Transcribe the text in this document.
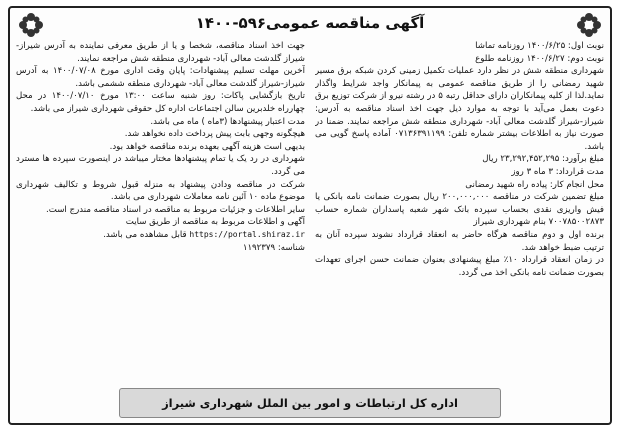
آگهی مناقصه عمومی۵۹۶-۱۴۰۰

نوبت اول: ۱۴۰۰/۶/۲۵ روزنامه تماشا

نوبت دوم: ۱۴۰۰/۶/۲۷ روزنامه طلوع

شهرداری منطقه شش در نظر دارد عملیات تکمیل زمینی کردن شبکه برق مسیر شهید رمضانی را از طریق مناقصه عمومی به پیمانکار واجد شرایط واگذار نماید.لذا از کلیه پیمانکاران دارای حداقل رتبه ۵ در رشته نیرو از شرکت توزیع برق دعوت بعمل می‌آید با توجه به موارد ذیل جهت اخذ اسناد مناقصه به آدرس: شیراز-شیراز گلدشت معالی آباد- شهرداری منطقه شش مراجعه نمایند. ضمنا در صورت نیاز به اطلاعات بیشتر شماره تلفن: ۰۷۱۳۶۳۹۱۱۹۹ آماده پاسخ گویی می باشد.

مبلغ برآورد: ۲۳,۲۹۲,۴۵۲,۲۹۵ ریال

مدت قرارداد: ۳ ماه ۳ روز

محل انجام کار: پیاده راه شهید رمضانی

مبلغ تضمین شرکت در مناقصه ۲۰۰,۰۰۰,۰۰۰ ریال بصورت ضمانت نامه بانکی یا فیش واریزی نقدی بحساب سپرده بانک شهر شعبه پاسداران شماره حساب ۷۰۰۷۸۵۰۰۲۸۷۳ بنام شهرداری شیراز

برنده اول و دوم مناقصه هرگاه حاضر به انعقاد قرارداد نشوند سپرده آنان به ترتیب ضبط خواهد شد.

در زمان انعقاد قرارداد ۱۰٪ مبلغ پیشنهادی بعنوان ضمانت حسن اجرای تعهدات بصورت ضمانت نامه بانکی اخذ می گردد.

جهت اخذ اسناد مناقصه، شخصا و یا از طریق معرفی نماینده به آدرس شیراز-شیراز گلدشت معالی آباد- شهرداری منطقه شش مراجعه نمایند.

آخرین مهلت تسلیم پیشنهادات: پایان وقت اداری مورخ ۱۴۰۰/۰۷/۰۸ به آدرس شیراز-شیراز گلدشت معالی آباد- شهرداری منطقه ششمی باشد.

تاریخ بازگشایی پاکات: روز شنبه ساعت ۱۳:۰۰ مورخ ۱۴۰۰/۰۷/۱۰ در محل چهارراه خلدبرین سالن اجتماعات اداره کل حقوقی شهرداری شیراز می باشد.

مدت اعتبار پیشنهادها (۳ماه ) ماه می باشد.

هیچگونه وجهی بابت پیش پرداخت داده نخواهد شد.

بدیهی است هزینه آگهی بعهده برنده مناقصه خواهد بود.

شهرداری در رد یک یا تمام پیشنهادها مختار میباشد در اینصورت سپرده ها مسترد می گردد.

شرکت در مناقصه ودادن پیشنهاد به منزله قبول شروط و تکالیف شهرداری موضوع ماده ۱۰ آئین نامه معاملات شهرداری می باشد.

سایر اطلاعات و جزئیات مربوط به مناقصه در اسناد مناقصه مندرج است.

آگهی و اطلاعات مربوط به مناقصه از طریق سایت

https://portal.shiraz.ir قابل مشاهده می باشد.

شناسه: ۱۱۹۲۳۷۹

اداره کل ارتباطات و امور بین الملل شهرداری شیراز
